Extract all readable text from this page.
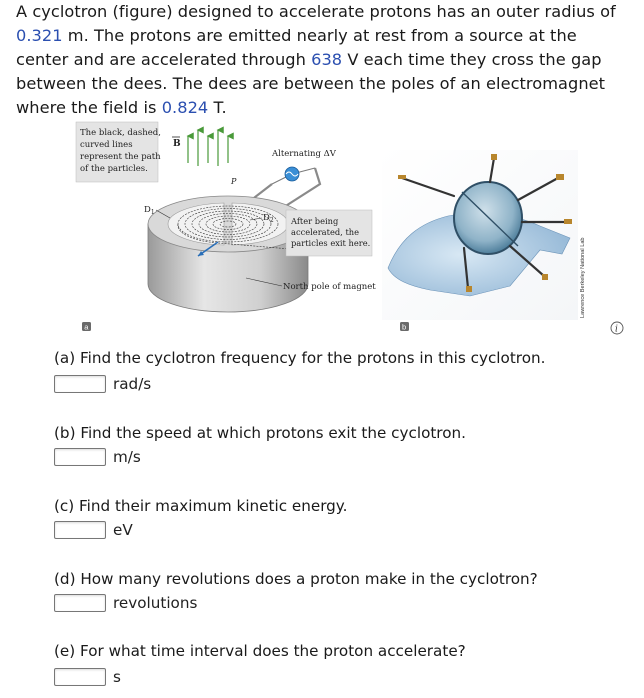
A cyclotron (figure) designed to accelerate protons has an outer radius of 0.321 m. The protons are emitted nearly at rest from a source at the center and are accelerated through 638 V each time they cross the gap between the dees. The dees are between the poles of an electromagnet where the field is 0.824 T.
The black, dashed, curved lines represent the path of the particles.
B
Alternating ΔV
P
$D_1$
$D_2$ After being accelerated, the particles exit here.
North pole of magnet	Lawrence Berkeley National Lab
a	b	i
(a) Find the cyclotron frequency for the protons in this cyclotron.
rad/s
(b) Find the speed at which protons exit the cyclotron.
m/s
(c) Find their maximum kinetic energy.
eV
(d) How many revolutions does a proton make in the cyclotron?
revolutions
(e) For what time interval does the proton accelerate?
s
